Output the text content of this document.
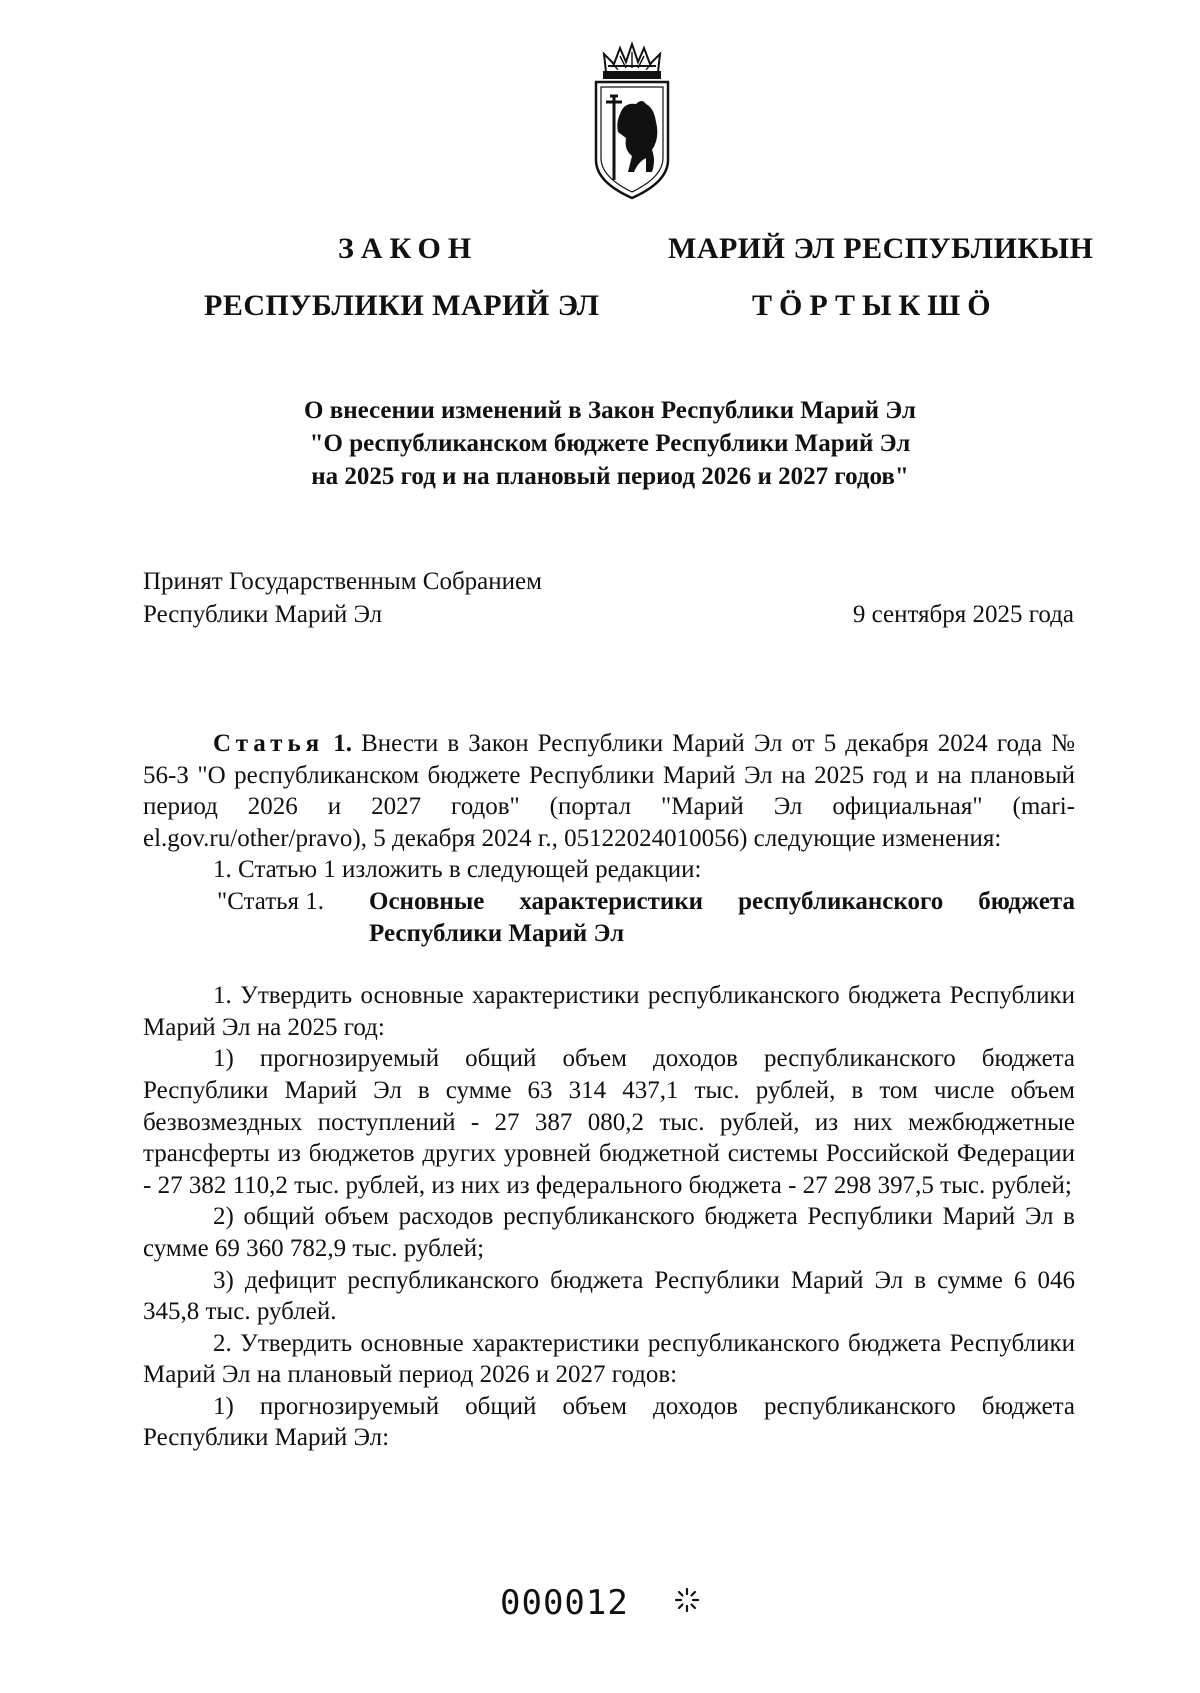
ЗАКОН
РЕСПУБЛИКИ МАРИЙ ЭЛ
МАРИЙ ЭЛ РЕСПУБЛИКЫН
ТӦРТЫКШӦ
О внесении изменений в Закон Республики Марий Эл
"О республиканском бюджете Республики Марий Эл
на 2025 год и на плановый период 2026 и 2027 годов"
Принят Государственным Собранием
Республики Марий Эл	9 сентября 2025 года

Статья 1. Внести в Закон Республики Марий Эл от 5 декабря 2024 года № 56-З "О республиканском бюджете Республики Марий Эл на 2025 год и на плановый период 2026 и 2027 годов" (портал "Марий Эл официальная" (mari-el.gov.ru/other/pravo), 5 декабря 2024 г., 05122024010056) следующие изменения:

1. Статью 1 изложить в следующей редакции:

"Статья 1.	Основные характеристики республиканского бюджета Республики Марий Эл

1. Утвердить основные характеристики республиканского бюджета Республики Марий Эл на 2025 год:

1) прогнозируемый общий объем доходов республиканского бюджета Республики Марий Эл в сумме 63 314 437,1 тыс. рублей, в том числе объем безвозмездных поступлений - 27 387 080,2 тыс. рублей, из них межбюджетные трансферты из бюджетов других уровней бюджетной системы Российской Федерации - 27 382 110,2 тыс. рублей, из них из федерального бюджета - 27 298 397,5 тыс. рублей;

2) общий объем расходов республиканского бюджета Республики Марий Эл в сумме 69 360 782,9 тыс. рублей;

3) дефицит республиканского бюджета Республики Марий Эл в сумме 6 046 345,8 тыс. рублей.

2. Утвердить основные характеристики республиканского бюджета Республики Марий Эл на плановый период 2026 и 2027 годов:

1) прогнозируемый общий объем доходов республиканского бюджета Республики Марий Эл:

000012
